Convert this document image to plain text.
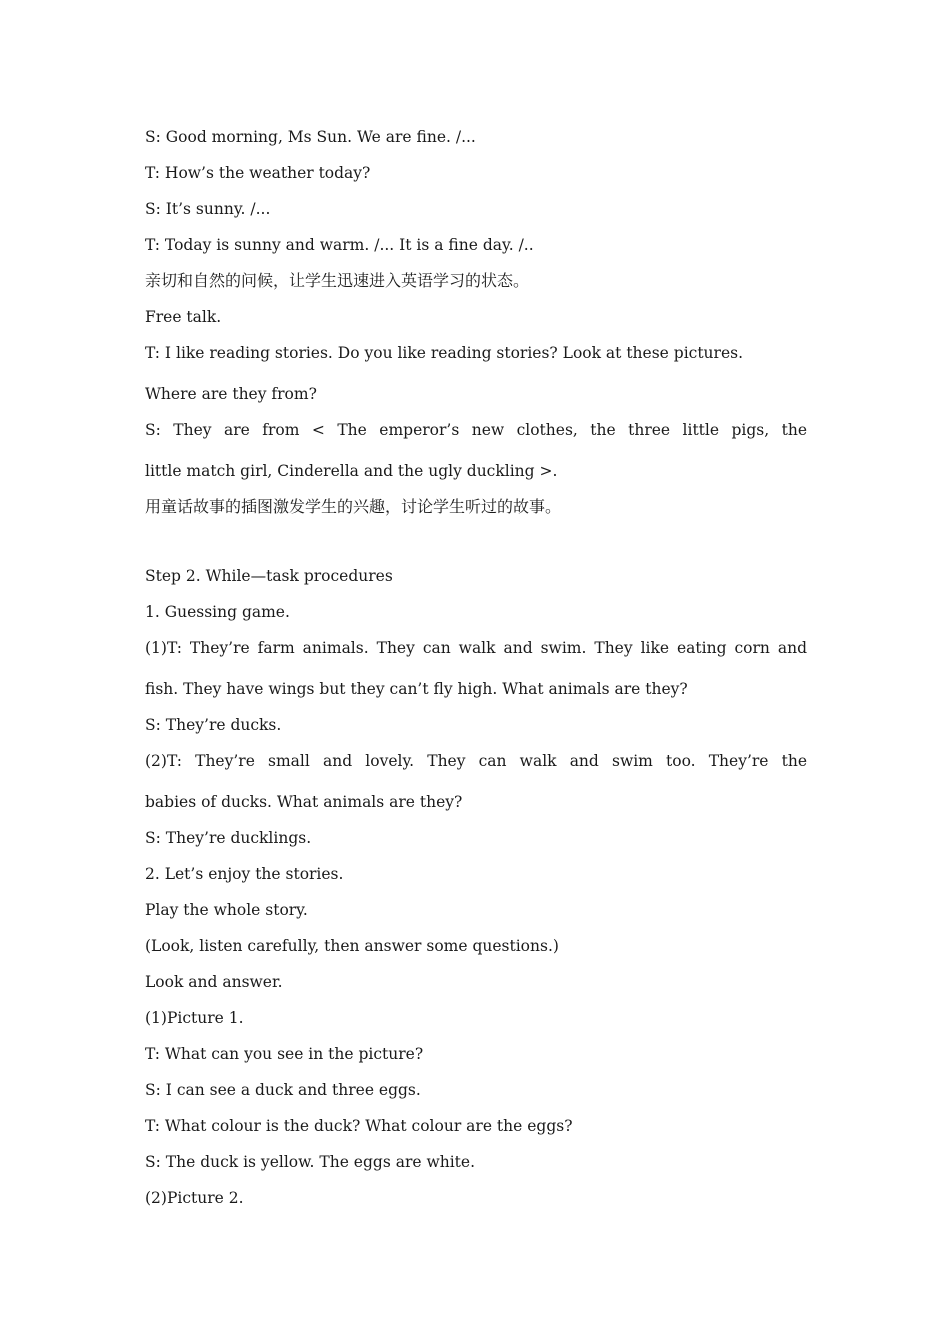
S: Good morning, Ms Sun. We are fine. /...
T: How’s the weather today?
S: It’s sunny. /...
T: Today is sunny and warm. /... It is a fine day. /..
亲切和自然的问候，让学生迅速进入英语学习的状态。
Free talk.
T: I like reading stories. Do you like reading stories? Look at these pictures.
Where are they from?
S: They are from < The emperor’s new clothes, the three little pigs, the
little match girl, Cinderella and the ugly duckling >.
用童话故事的插图激发学生的兴趣，讨论学生听过的故事。
Step 2. While—task procedures
1. Guessing game.
(1)T: They’re farm animals. They can walk and swim. They like eating corn and
fish. They have wings but they can’t fly high. What animals are they?
S: They’re ducks.
(2)T: They’re small and lovely. They can walk and swim too. They’re the
babies of ducks. What animals are they?
S: They’re ducklings.
2. Let’s enjoy the stories.
Play the whole story.
(Look, listen carefully, then answer some questions.)
Look and answer.
(1)Picture 1.
T: What can you see in the picture?
S: I can see a duck and three eggs.
T: What colour is the duck? What colour are the eggs?
S: The duck is yellow. The eggs are white.
(2)Picture 2.
